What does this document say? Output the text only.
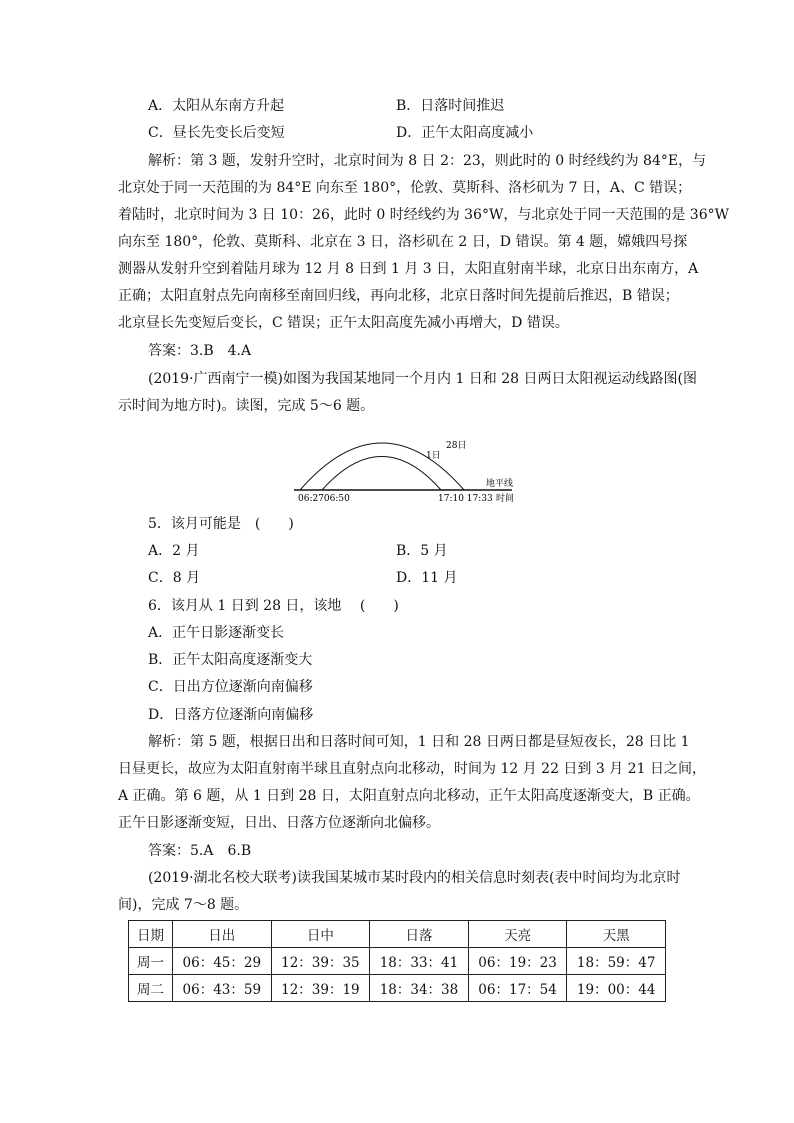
A．太阳从东南方升起	B．日落时间推迟
C．昼长先变长后变短	D．正午太阳高度减小
解析：第 3 题，发射升空时，北京时间为 8 日 2：23，则此时的 0 时经线约为 84°E，与
北京处于同一天范围的为 84°E 向东至 180°，伦敦、莫斯科、洛杉矶为 7 日，A、C 错误；
着陆时，北京时间为 3 日 10：26，此时 0 时经线约为 36°W，与北京处于同一天范围的是 36°W
向东至 180°，伦敦、莫斯科、北京在 3 日，洛杉矶在 2 日，D 错误。第 4 题，嫦娥四号探
测器从发射升空到着陆月球为 12 月 8 日到 1 月 3 日，太阳直射南半球，北京日出东南方，A
正确；太阳直射点先向南移至南回归线，再向北移，北京日落时间先提前后推迟，B 错误；
北京昼长先变短后变长，C 错误；正午太阳高度先减小再增大，D 错误。
答案：3.B　4.A
(2019·广西南宁一模)如图为我国某地同一个月内 1 日和 28 日两日太阳视运动线路图(图
示时间为地方时)。读图，完成 5～6 题。
28日
1日
地平线
06:2706:50	17:10 17:33 时间
5．该月可能是　(　　)
A．2 月	B．5 月
C．8 月	D．11 月
6．该月从 1 日到 28 日，该地　 (　　)
A．正午日影逐渐变长
B．正午太阳高度逐渐变大
C．日出方位逐渐向南偏移
D．日落方位逐渐向南偏移
解析：第 5 题，根据日出和日落时间可知，1 日和 28 日两日都是昼短夜长，28 日比 1
日昼更长，故应为太阳直射南半球且直射点向北移动，时间为 12 月 22 日到 3 月 21 日之间，
A 正确。第 6 题，从 1 日到 28 日，太阳直射点向北移动，正午太阳高度逐渐变大，B 正确。
正午日影逐渐变短，日出、日落方位逐渐向北偏移。
答案：5.A　6.B
(2019·湖北名校大联考)读我国某城市某时段内的相关信息时刻表(表中时间均为北京时
间)，完成 7～8 题。
日期	日出	日中	日落	天亮	天黑
周一	06：45：29	12：39：35	18：33：41	06：19：23	18：59：47
周二	06：43：59	12：39：19	18：34：38	06：17：54	19：00：44
